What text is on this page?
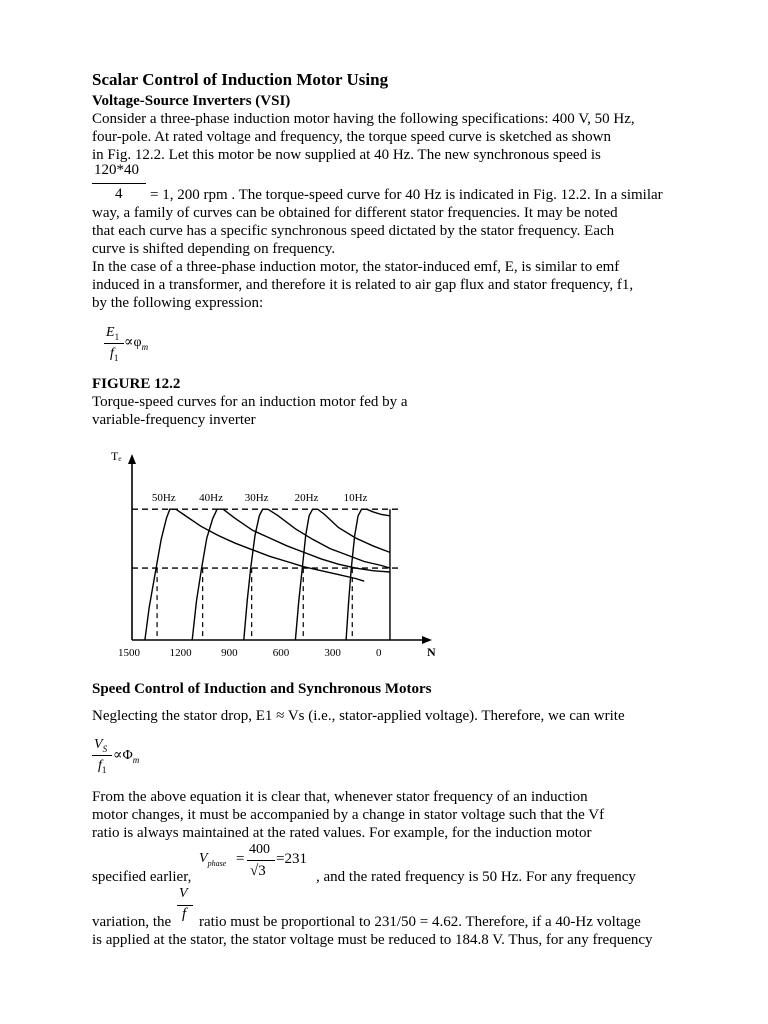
Scalar Control of Induction Motor Using
Voltage-Source Inverters (VSI)
Consider a three-phase induction motor having the following specifications: 400 V, 50 Hz,
four-pole. At rated voltage and frequency, the torque speed curve is sketched as shown
in Fig. 12.2. Let this motor be now supplied at 40 Hz. The new synchronous speed is
120*40
4 = 1, 200 rpm . The torque-speed curve for 40 Hz is indicated in Fig. 12.2. In a similar
way, a family of curves can be obtained for different stator frequencies. It may be noted
that each curve has a specific synchronous speed dictated by the stator frequency. Each
curve is shifted depending on frequency.
In the case of a three-phase induction motor, the stator-induced emf, E, is similar to emf
induced in a transformer, and therefore it is related to air gap flux and stator frequency, f1,
by the following expression:
$E_1$
$f_1$
$\propto\varphi_m$
FIGURE 12.2
Torque-speed curves for an induction motor fed by a
variable-frequency inverter
Tₑ
N
50Hz 40Hz 30Hz 20Hz 10Hz
1500	1200	900	600	300	0
Speed Control of Induction and Synchronous Motors
Neglecting the stator drop, E1 ≈ Vs (i.e., stator-applied voltage). Therefore, we can write
$V_S$
$f_1$
$\propto\Phi_m$
From the above equation it is clear that, whenever stator frequency of an induction
motor changes, it must be accompanied by a change in stator voltage such that the Vf
ratio is always maintained at the rated values. For example, for the induction motor
$V_{phase}$ =
400
√3
=231
specified earlier,	, and the rated frequency is 50 Hz. For any frequency
V
f
variation, the ratio must be proportional to 231/50 = 4.62. Therefore, if a 40-Hz voltage
is applied at the stator, the stator voltage must be reduced to 184.8 V. Thus, for any frequency
